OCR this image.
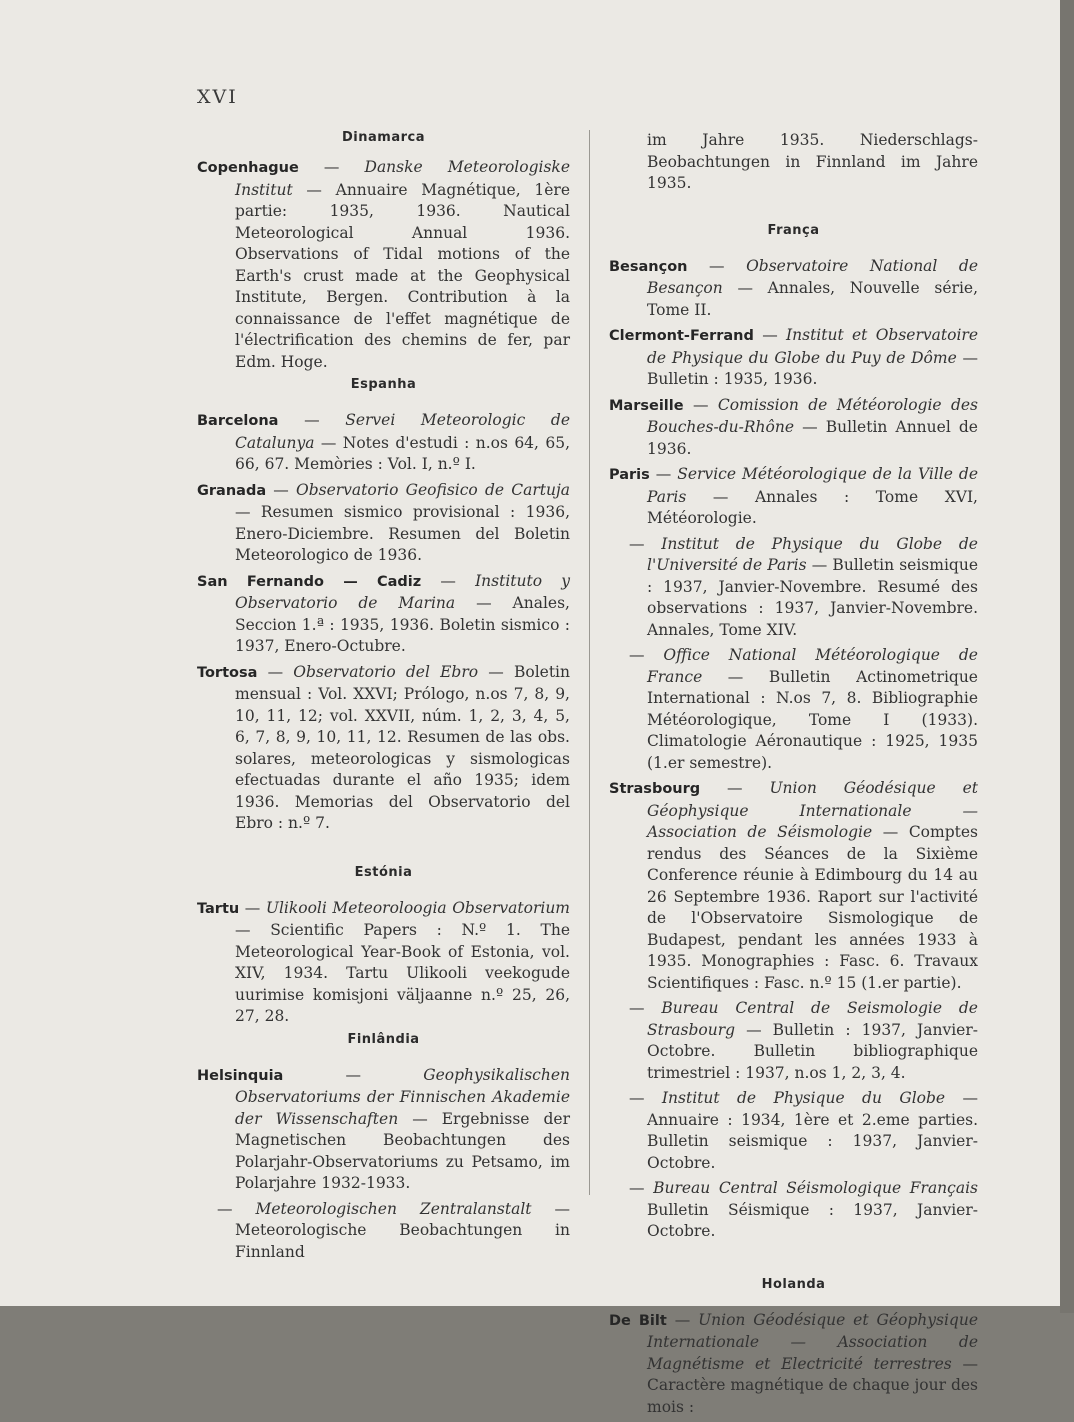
XVI
Dinamarca
Copenhague — Danske Meteorologiske Institut — Annuaire Magnétique, 1ère partie: 1935, 1936. Nautical Meteorological Annual 1936. Observations of Tidal motions of the Earth's crust made at the Geophysical Institute, Bergen. Contribution à la connaissance de l'effet magnétique de l'électrification des chemins de fer, par Edm. Hoge.
Espanha
Barcelona — Servei Meteorologic de Catalunya — Notes d'estudi : n.os 64, 65, 66, 67. Memòries : Vol. I, n.º I.
Granada — Observatorio Geofisico de Cartuja — Resumen sismico provisional : 1936, Enero-Diciembre. Resumen del Boletin Meteorologico de 1936.
San Fernando — Cadiz — Instituto y Observatorio de Marina — Anales, Seccion 1.ª : 1935, 1936. Boletin sismico : 1937, Enero-Octubre.
Tortosa — Observatorio del Ebro — Boletin mensual : Vol. XXVI; Prólogo, n.os 7, 8, 9, 10, 11, 12; vol. XXVII, núm. 1, 2, 3, 4, 5, 6, 7, 8, 9, 10, 11, 12. Resumen de las obs. solares, meteorologicas y sismologicas efectuadas durante el año 1935; idem 1936. Memorias del Observatorio del Ebro : n.º 7.
Estónia
Tartu — Ulikooli Meteoroloogia Observatorium — Scientific Papers : N.º 1. The Meteorological Year-Book of Estonia, vol. XIV, 1934. Tartu Ulikooli veekogude uurimise komisjoni väljaanne n.º 25, 26, 27, 28.
Finlândia
Helsinquia — Geophysikalischen Observatoriums der Finnischen Akademie der Wissenschaften — Ergebnisse der Magnetischen Beobachtungen des Polarjahr-Observatoriums zu Petsamo, im Polarjahre 1932-1933.
— Meteorologischen Zentralanstalt — Meteorologische Beobachtungen in Finnland
im Jahre 1935. Niederschlags-Beobachtungen in Finnland im Jahre 1935.
França
Besançon — Observatoire National de Besançon — Annales, Nouvelle série, Tome II.
Clermont-Ferrand — Institut et Observatoire de Physique du Globe du Puy de Dôme — Bulletin : 1935, 1936.
Marseille — Comission de Météorologie des Bouches-du-Rhône — Bulletin Annuel de 1936.
Paris — Service Météorologique de la Ville de Paris — Annales : Tome XVI, Météorologie.
— Institut de Physique du Globe de l'Université de Paris — Bulletin seismique : 1937, Janvier-Novembre. Resumé des observations : 1937, Janvier-Novembre. Annales, Tome XIV.
— Office National Météorologique de France — Bulletin Actinometrique International : N.os 7, 8. Bibliographie Météorologique, Tome I (1933). Climatologie Aéronautique : 1925, 1935 (1.er semestre).
Strasbourg — Union Géodésique et Géophysique Internationale — Association de Séismologie — Comptes rendus des Séances de la Sixième Conference réunie à Edimbourg du 14 au 26 Septembre 1936. Raport sur l'activité de l'Observatoire Sismologique de Budapest, pendant les années 1933 à 1935. Monographies : Fasc. 6. Travaux Scientifiques : Fasc. n.º 15 (1.er partie).
— Bureau Central de Seismologie de Strasbourg — Bulletin : 1937, Janvier-Octobre. Bulletin bibliographique trimestriel : 1937, n.os 1, 2, 3, 4.
— Institut de Physique du Globe — Annuaire : 1934, 1ère et 2.eme parties. Bulletin seismique : 1937, Janvier-Octobre.
— Bureau Central Séismologique Français Bulletin Séismique : 1937, Janvier-Octobre.
Holanda
De Bilt — Union Géodésique et Géophysique Internationale — Association de Magnétisme et Electricité terrestres — Caractère magnétique de chaque jour des mois :
